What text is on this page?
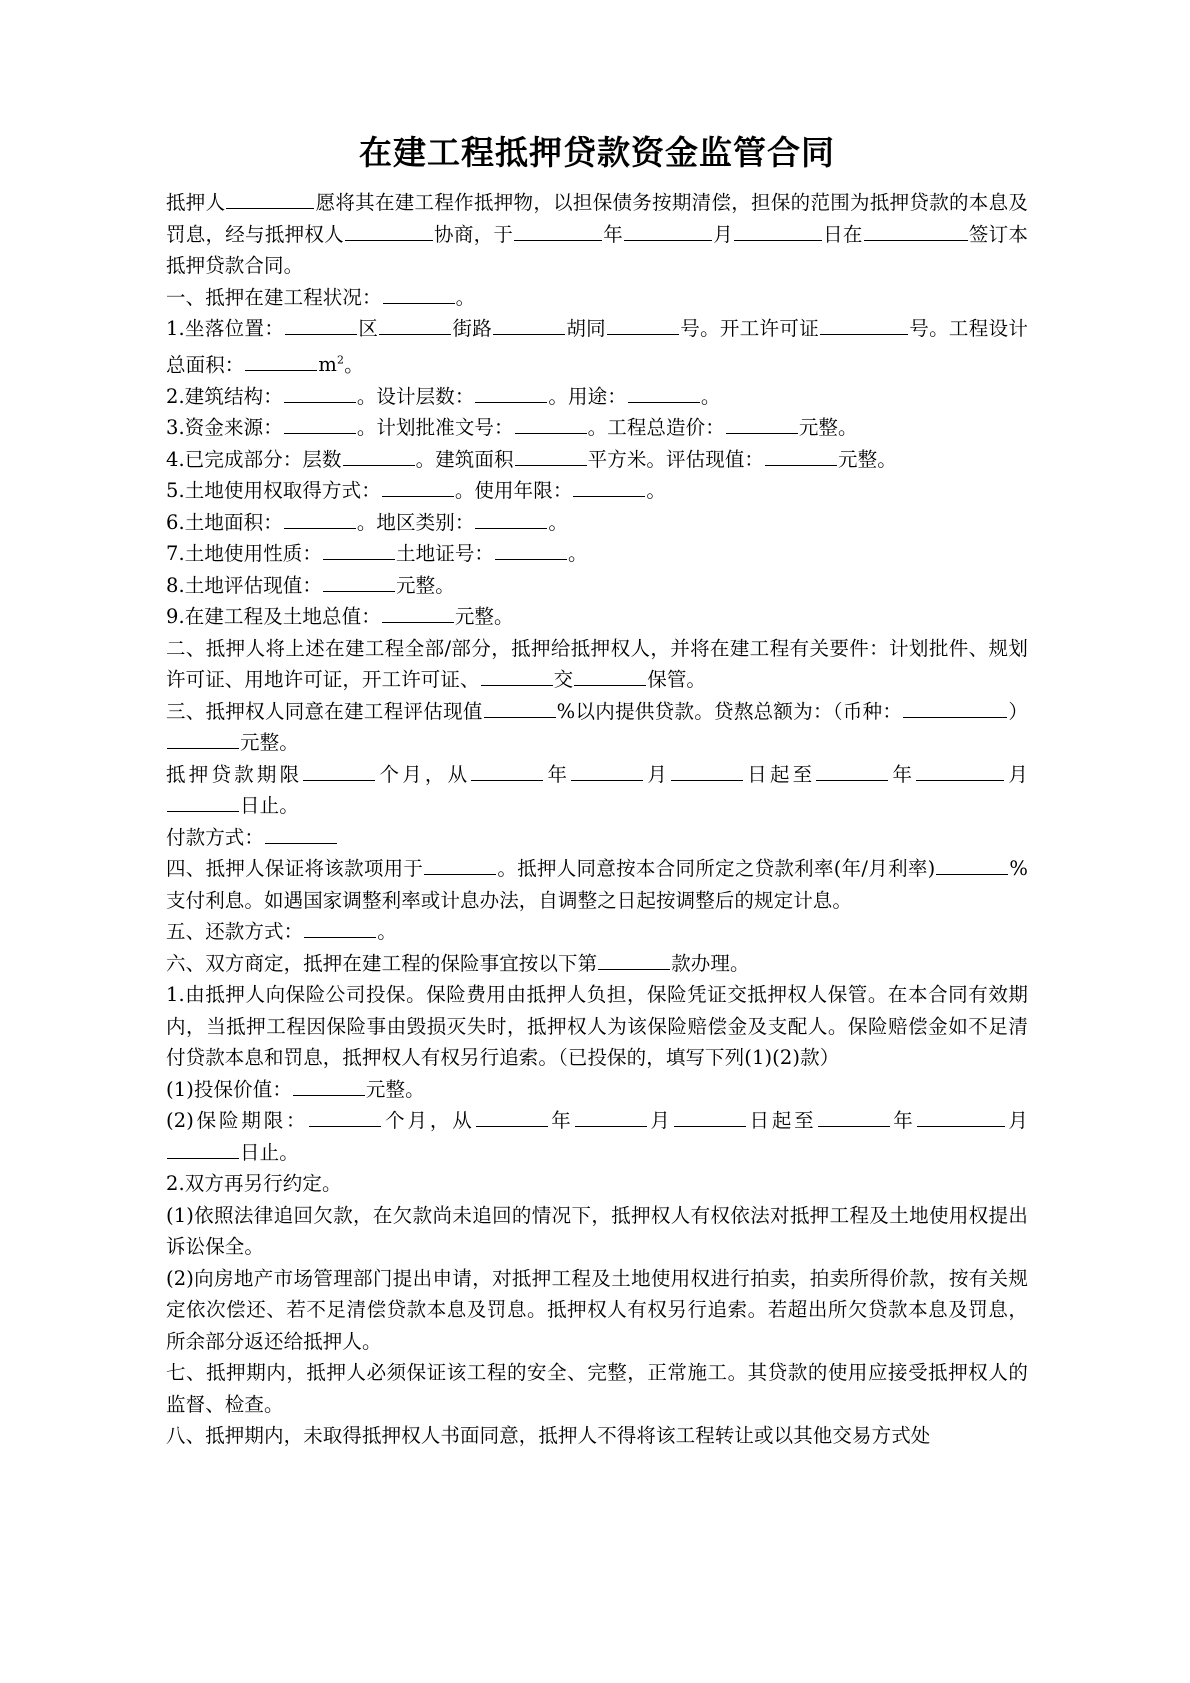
在建工程抵押贷款资金监管合同

抵押人	愿将其在建工程作抵押物，以担保债务按期清偿，担保的范围为抵押贷款的本息及罚息，经与抵押权人	协商，于	年	月	日在	签订本抵押贷款合同。

一、抵押在建工程状况：	。

1.坐落位置：	区	街路	胡同	号。开工许可证	号。工程设计总面积：	$m^2$。

2.建筑结构：	。设计层数：	。用途：	。

3.资金来源：	。计划批准文号：	。工程总造价：	元整。

4.已完成部分：层数	。建筑面积	平方米。评估现值：	元整。

5.土地使用权取得方式：	。使用年限：	。

6.土地面积：	。地区类别：	。

7.土地使用性质：	土地证号：	。

8.土地评估现值：	元整。

9.在建工程及土地总值：	元整。

二、抵押人将上述在建工程全部/部分，抵押给抵押权人，并将在建工程有关要件：计划批件、规划许可证、用地许可证，开工许可证、	交	保管。

三、抵押权人同意在建工程评估现值	%以内提供贷款。贷熬总额为：（币种：	）元整。

抵押贷款期限	个月，从	年	月	日起至	年	月日止。

付款方式：

四、抵押人保证将该款项用于	。抵押人同意按本合同所定之贷款利率(年/月利率)	%支付利息。如遇国家调整利率或计息办法，自调整之日起按调整后的规定计息。

五、还款方式：	。

六、双方商定，抵押在建工程的保险事宜按以下第	款办理。

1.由抵押人向保险公司投保。保险费用由抵押人负担，保险凭证交抵押权人保管。在本合同有效期内，当抵押工程因保险事由毁损灭失时，抵押权人为该保险赔偿金及支配人。保险赔偿金如不足清付贷款本息和罚息，抵押权人有权另行追索。（已投保的，填写下列(1)(2)款）

(1)投保价值：	元整。

(2)保险期限：	个月，从	年	月	日起至	年	月日止。

2.双方再另行约定。

(1)依照法律追回欠款，在欠款尚未追回的情况下，抵押权人有权依法对抵押工程及土地使用权提出诉讼保全。

(2)向房地产市场管理部门提出申请，对抵押工程及土地使用权进行拍卖，拍卖所得价款，按有关规定依次偿还、若不足清偿贷款本息及罚息。抵押权人有权另行追索。若超出所欠贷款本息及罚息，所余部分返还给抵押人。

七、抵押期内，抵押人必须保证该工程的安全、完整，正常施工。其贷款的使用应接受抵押权人的监督、检查。

八、抵押期内，未取得抵押权人书面同意，抵押人不得将该工程转让或以其他交易方式处
